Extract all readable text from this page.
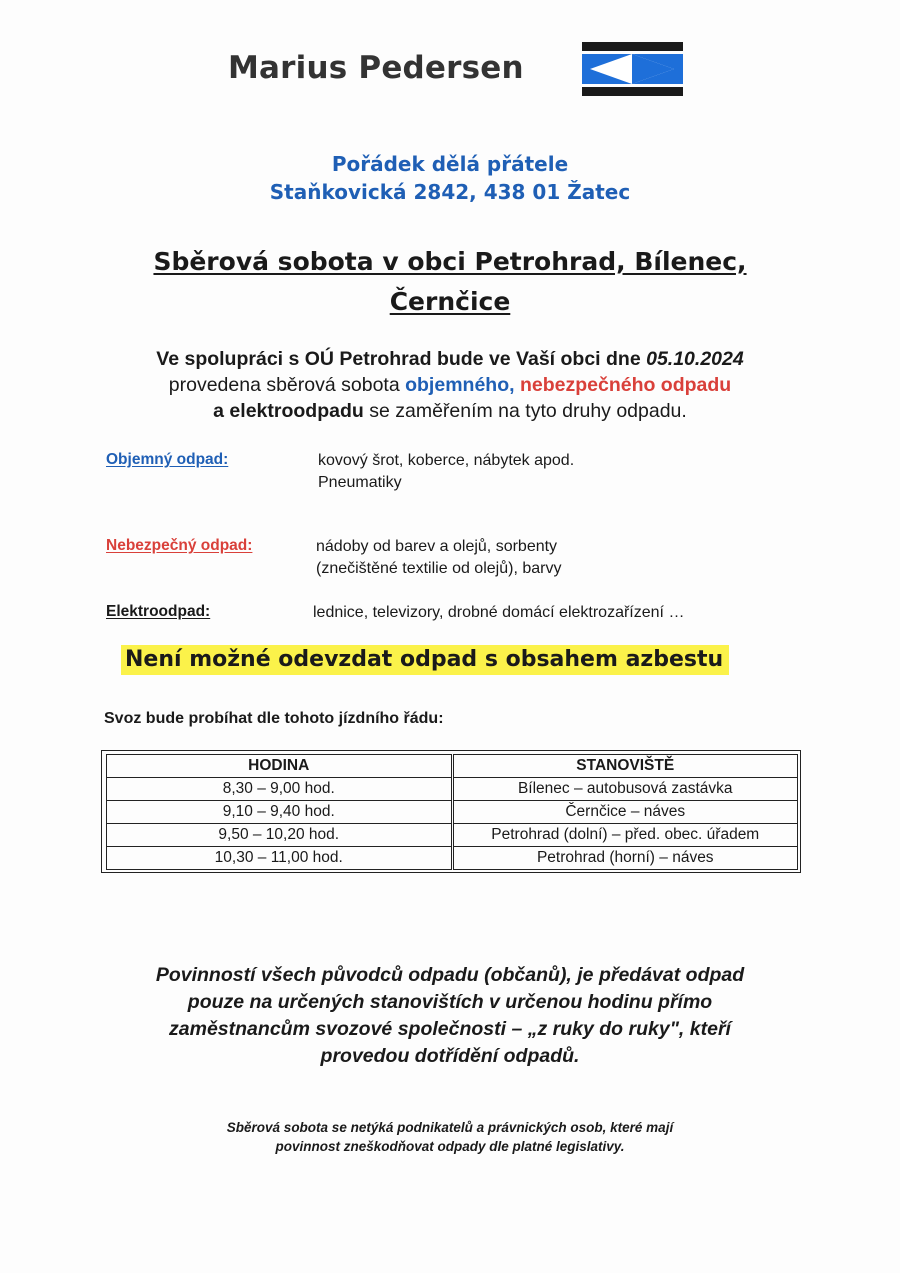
Marius Pedersen
Pořádek dělá přátele
Staňkovická 2842, 438 01 Žatec
Sběrová sobota v obci Petrohrad, Bílenec,
Černčice
Ve spolupráci s OÚ Petrohrad bude ve Vaší obci dne 05.10.2024
provedena sběrová sobota objemného, nebezpečného odpadu
a elektroodpadu se zaměřením na tyto druhy odpadu.
Objemný odpad:	kovový šrot, koberce, nábytek apod.
Pneumatiky
Nebezpečný odpad:	nádoby od barev a olejů, sorbenty
(znečištěné textilie od olejů), barvy
Elektroodpad:	lednice, televizory, drobné domácí elektrozařízení …
Není možné odevzdat odpad s obsahem azbestu
Svoz bude probíhat dle tohoto jízdního řádu:
HODINA	STANOVIŠTĚ
8,30 – 9,00 hod.	Bílenec – autobusová zastávka
9,10 – 9,40 hod.	Černčice – náves
9,50 – 10,20 hod.	Petrohrad (dolní) – před. obec. úřadem
10,30 – 11,00 hod.	Petrohrad (horní) – náves
Povinností všech původců odpadu (občanů), je předávat odpad
pouze na určených stanovištích v určenou hodinu přímo
zaměstnancům svozové společnosti – „z ruky do ruky", kteří
provedou dotřídění odpadů.
Sběrová sobota se netýká podnikatelů a právnických osob, které mají
povinnost zneškodňovat odpady dle platné legislativy.
